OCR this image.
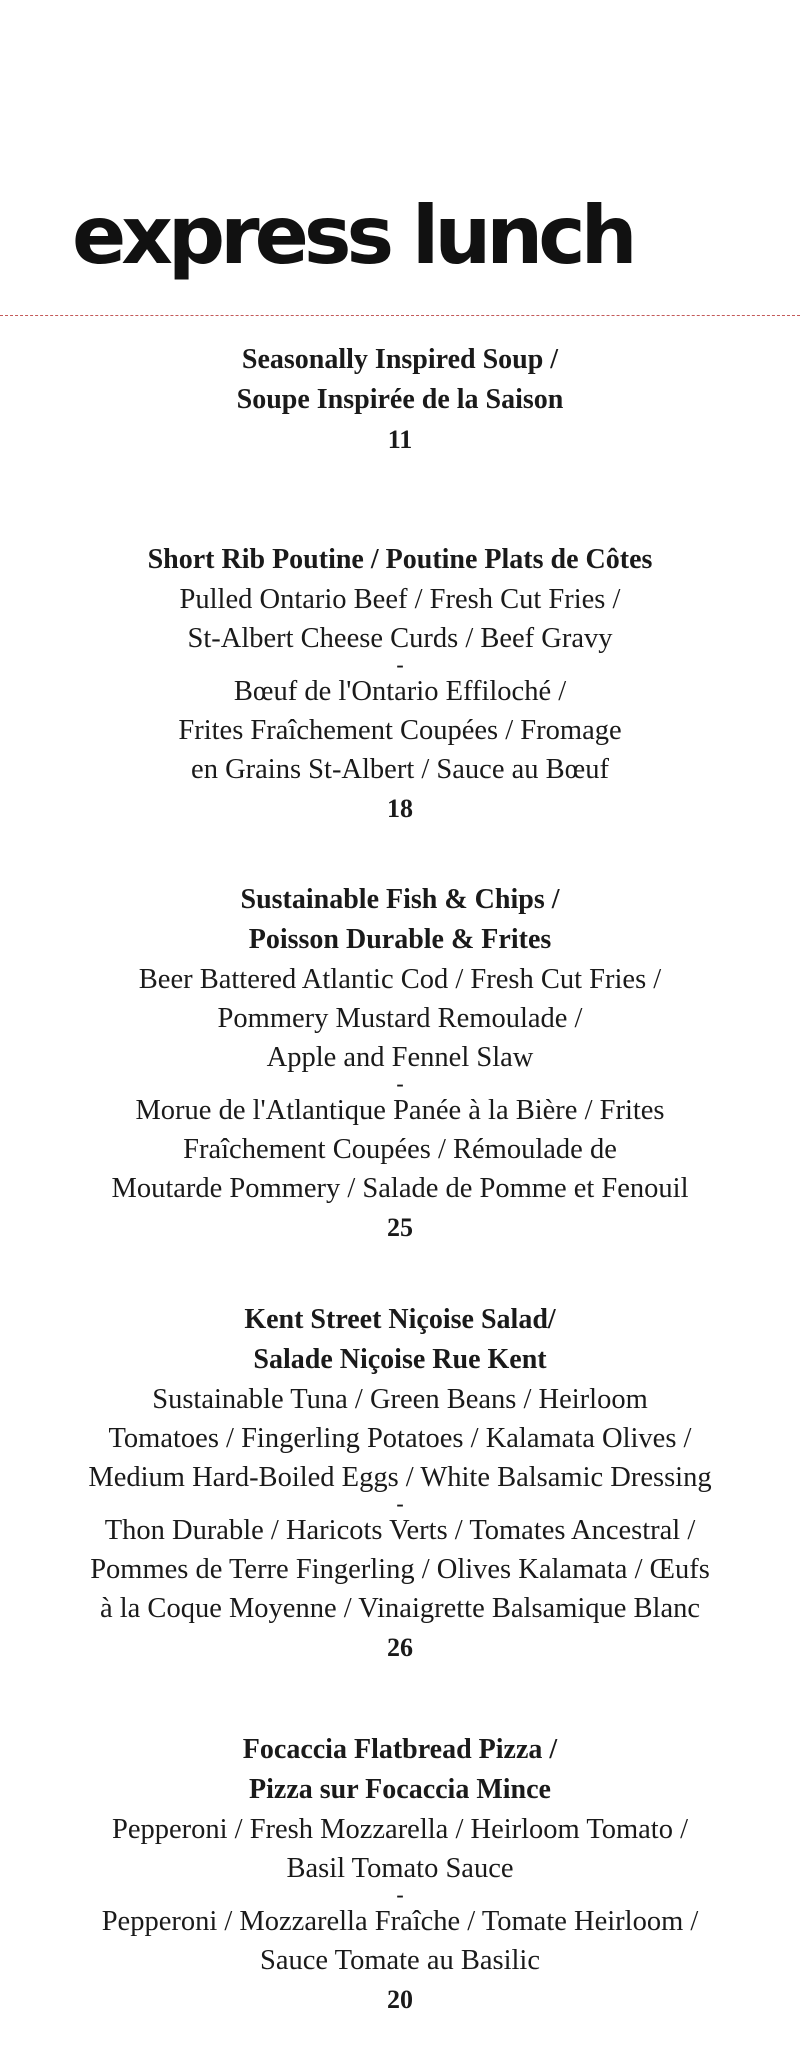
express lunch
Seasonally Inspired Soup /
Soupe Inspirée de la Saison
11
Short Rib Poutine / Poutine Plats de Côtes
Pulled Ontario Beef / Fresh Cut Fries /
St-Albert Cheese Curds / Beef Gravy
-
Bœuf de l'Ontario Effiloché /
Frites Fraîchement Coupées / Fromage
en Grains St-Albert / Sauce au Bœuf
18
Sustainable Fish & Chips /
Poisson Durable & Frites
Beer Battered Atlantic Cod / Fresh Cut Fries /
Pommery Mustard Remoulade /
Apple and Fennel Slaw
-
Morue de l'Atlantique Panée à la Bière / Frites
Fraîchement Coupées / Rémoulade de
Moutarde Pommery / Salade de Pomme et Fenouil
25
Kent Street Niçoise Salad/
Salade Niçoise Rue Kent
Sustainable Tuna / Green Beans / Heirloom
Tomatoes / Fingerling Potatoes / Kalamata Olives /
Medium Hard-Boiled Eggs / White Balsamic Dressing
-
Thon Durable / Haricots Verts / Tomates Ancestral /
Pommes de Terre Fingerling / Olives Kalamata / Œufs
à la Coque Moyenne / Vinaigrette Balsamique Blanc
26
Focaccia Flatbread Pizza /
Pizza sur Focaccia Mince
Pepperoni / Fresh Mozzarella / Heirloom Tomato /
Basil Tomato Sauce
-
Pepperoni / Mozzarella Fraîche / Tomate Heirloom /
Sauce Tomate au Basilic
20
